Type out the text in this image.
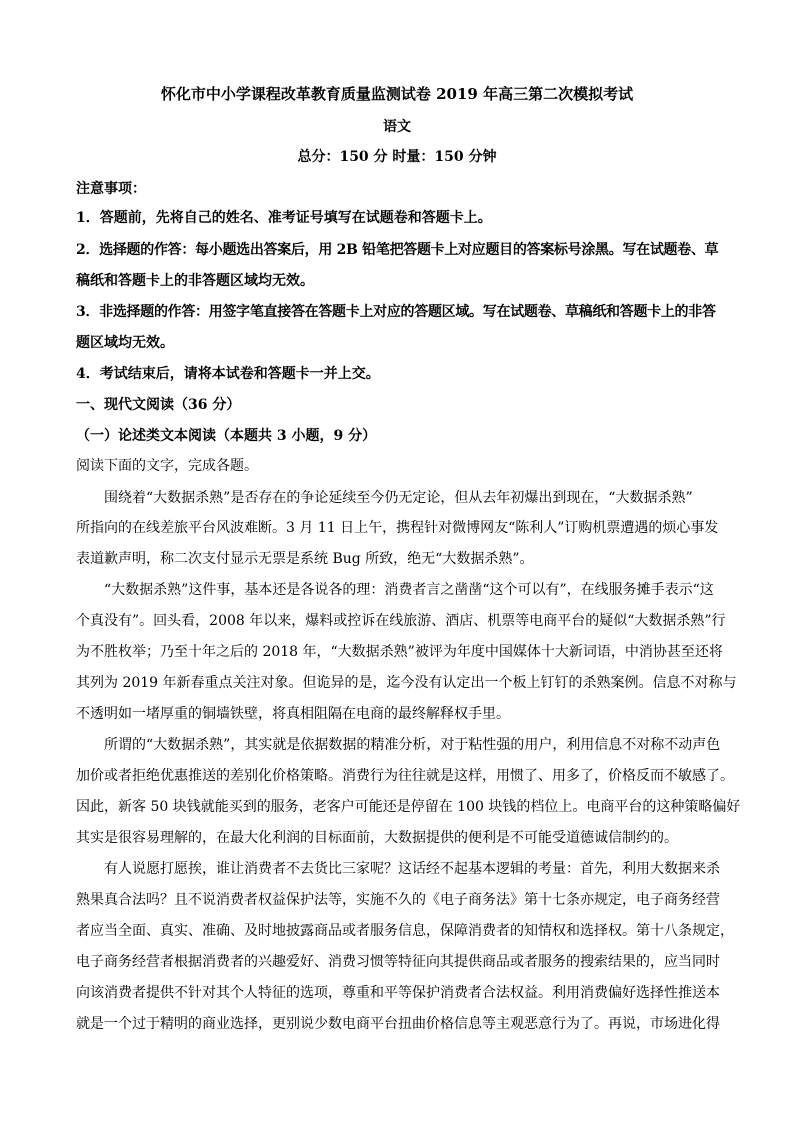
怀化市中小学课程改革教育质量监测试卷 2019 年高三第二次模拟考试
语文
总分：150 分 时量：150 分钟
注意事项：
1．答题前，先将自己的姓名、准考证号填写在试题卷和答题卡上。
2．选择题的作答：每小题选出答案后，用 2B 铅笔把答题卡上对应题目的答案标号涂黑。写在试题卷、草
稿纸和答题卡上的非答题区域均无效。
3．非选择题的作答：用签字笔直接答在答题卡上对应的答题区域。写在试题卷、草稿纸和答题卡上的非答
题区域均无效。
4．考试结束后，请将本试卷和答题卡一并上交。
一、现代文阅读（36 分）
（一）论述类文本阅读（本题共 3 小题，9 分）
阅读下面的文字，完成各题。
围绕着“大数据杀熟”是否存在的争论延续至今仍无定论，但从去年初爆出到现在，“大数据杀熟”
所指向的在线差旅平台风波难断。3 月 11 日上午，携程针对微博网友“陈利人”订购机票遭遇的烦心事发
表道歉声明，称二次支付显示无票是系统 Bug 所致，绝无“大数据杀熟”。
“大数据杀熟”这件事，基本还是各说各的理：消费者言之凿凿“这个可以有”，在线服务摊手表示“这
个真没有”。回头看，2008 年以来，爆料或控诉在线旅游、酒店、机票等电商平台的疑似“大数据杀熟”行
为不胜枚举；乃至十年之后的 2018 年，“大数据杀熟”被评为年度中国媒体十大新词语，中消协甚至还将
其列为 2019 年新春重点关注对象。但诡异的是，迄今没有认定出一个板上钉钉的杀熟案例。信息不对称与
不透明如一堵厚重的铜墙铁壁，将真相阻隔在电商的最终解释权手里。
所谓的“大数据杀熟”，其实就是依据数据的精准分析，对于粘性强的用户，利用信息不对称不动声色
加价或者拒绝优惠推送的差别化价格策略。消费行为往往就是这样，用惯了、用多了，价格反而不敏感了。
因此，新客 50 块钱就能买到的服务，老客户可能还是停留在 100 块钱的档位上。电商平台的这种策略偏好
其实是很容易理解的，在最大化利润的目标面前，大数据提供的便利是不可能受道德诚信制约的。
有人说愿打愿挨，谁让消费者不去货比三家呢？这话经不起基本逻辑的考量：首先，利用大数据来杀
熟果真合法吗？且不说消费者权益保护法等，实施不久的《电子商务法》第十七条亦规定，电子商务经营
者应当全面、真实、准确、及时地披露商品或者服务信息，保障消费者的知情权和选择权。第十八条规定，
电子商务经营者根据消费者的兴趣爱好、消费习惯等特征向其提供商品或者服务的搜索结果的，应当同时
向该消费者提供不针对其个人特征的选项，尊重和平等保护消费者合法权益。利用消费偏好选择性推送本
就是一个过于精明的商业选择，更别说少数电商平台扭曲价格信息等主观恶意行为了。再说，市场进化得
